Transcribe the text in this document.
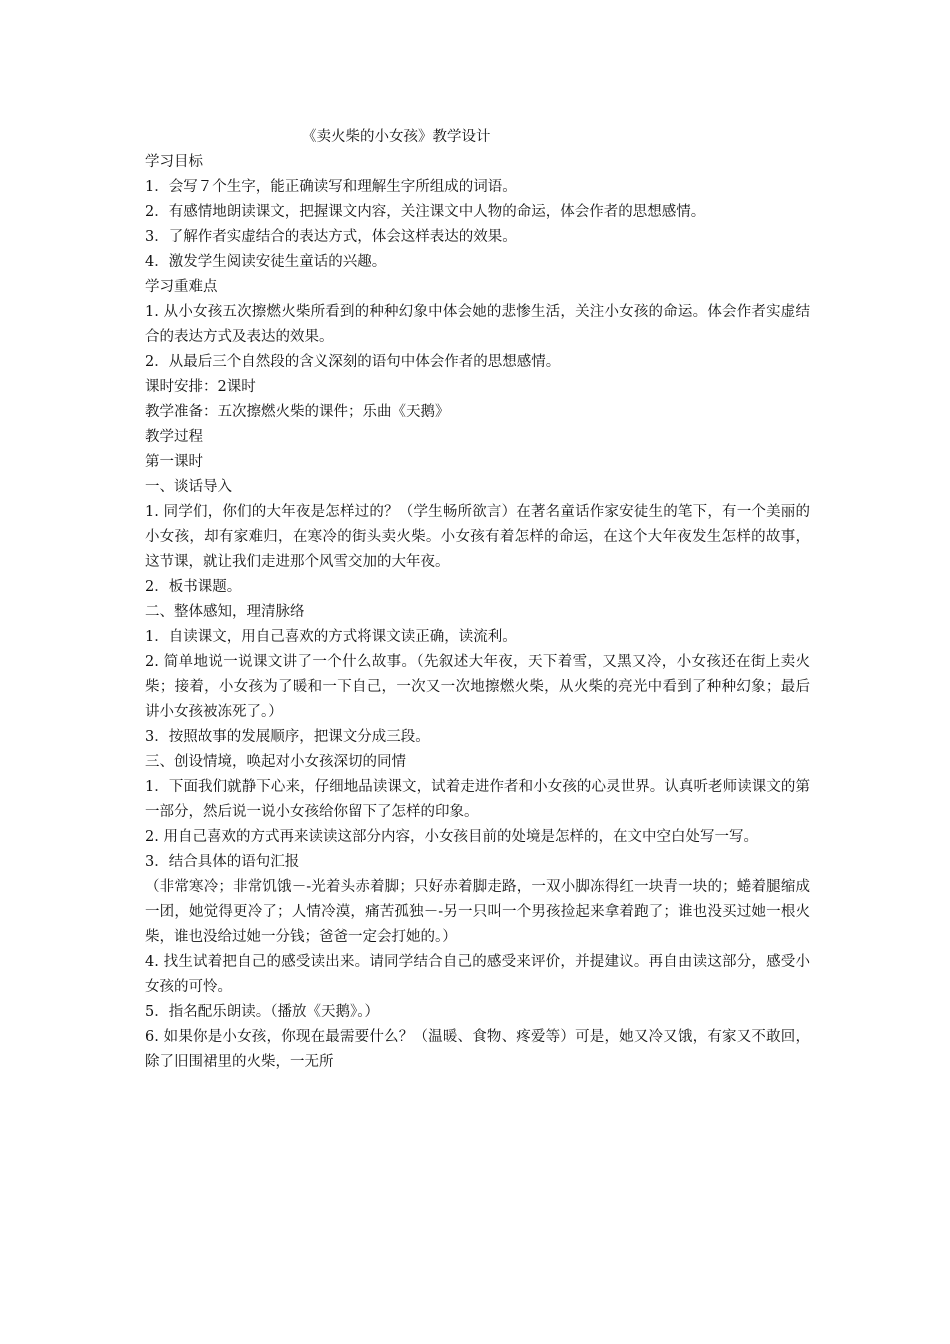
《卖火柴的小女孩》教学设计

学习目标

1．会写７个生字，能正确读写和理解生字所组成的词语。

2．有感情地朗读课文，把握课文内容，关注课文中人物的命运，体会作者的思想感情。

3．了解作者实虚结合的表达方式，体会这样表达的效果。

4．激发学生阅读安徒生童话的兴趣。

学习重难点

1. 从小女孩五次擦燃火柴所看到的种种幻象中体会她的悲惨生活，关注小女孩的命运。体会作者实虚结合的表达方式及表达的效果。

2．从最后三个自然段的含义深刻的语句中体会作者的思想感情。

课时安排：2课时

教学准备：五次擦燃火柴的课件；乐曲《天鹅》

教学过程

第一课时

一、谈话导入

1. 同学们，你们的大年夜是怎样过的？（学生畅所欲言）在著名童话作家安徒生的笔下，有一个美丽的小女孩，却有家难归，在寒冷的街头卖火柴。小女孩有着怎样的命运，在这个大年夜发生怎样的故事，这节课，就让我们走进那个风雪交加的大年夜。

2．板书课题。

二、整体感知，理清脉络

1．自读课文，用自己喜欢的方式将课文读正确，读流利。

2. 简单地说一说课文讲了一个什么故事。（先叙述大年夜，天下着雪，又黑又冷，小女孩还在街上卖火柴；接着，小女孩为了暖和一下自己，一次又一次地擦燃火柴，从火柴的亮光中看到了种种幻象；最后讲小女孩被冻死了。）

3．按照故事的发展顺序，把课文分成三段。

三、创设情境，唤起对小女孩深切的同情

1．下面我们就静下心来，仔细地品读课文，试着走进作者和小女孩的心灵世界。认真听老师读课文的第一部分，然后说一说小女孩给你留下了怎样的印象。

2. 用自己喜欢的方式再来读读这部分内容，小女孩目前的处境是怎样的，在文中空白处写一写。

3．结合具体的语句汇报

（非常寒冷；非常饥饿－-光着头赤着脚；只好赤着脚走路，一双小脚冻得红一块青一块的；蜷着腿缩成一团，她觉得更冷了；人情冷漠，痛苦孤独－-另一只叫一个男孩捡起来拿着跑了；谁也没买过她一根火柴，谁也没给过她一分钱；爸爸一定会打她的。）

4. 找生试着把自己的感受读出来。请同学结合自己的感受来评价，并提建议。再自由读这部分，感受小女孩的可怜。

5．指名配乐朗读。（播放《天鹅》。）

6. 如果你是小女孩，你现在最需要什么？（温暖、食物、疼爱等）可是，她又冷又饿，有家又不敢回，除了旧围裙里的火柴，一无所
